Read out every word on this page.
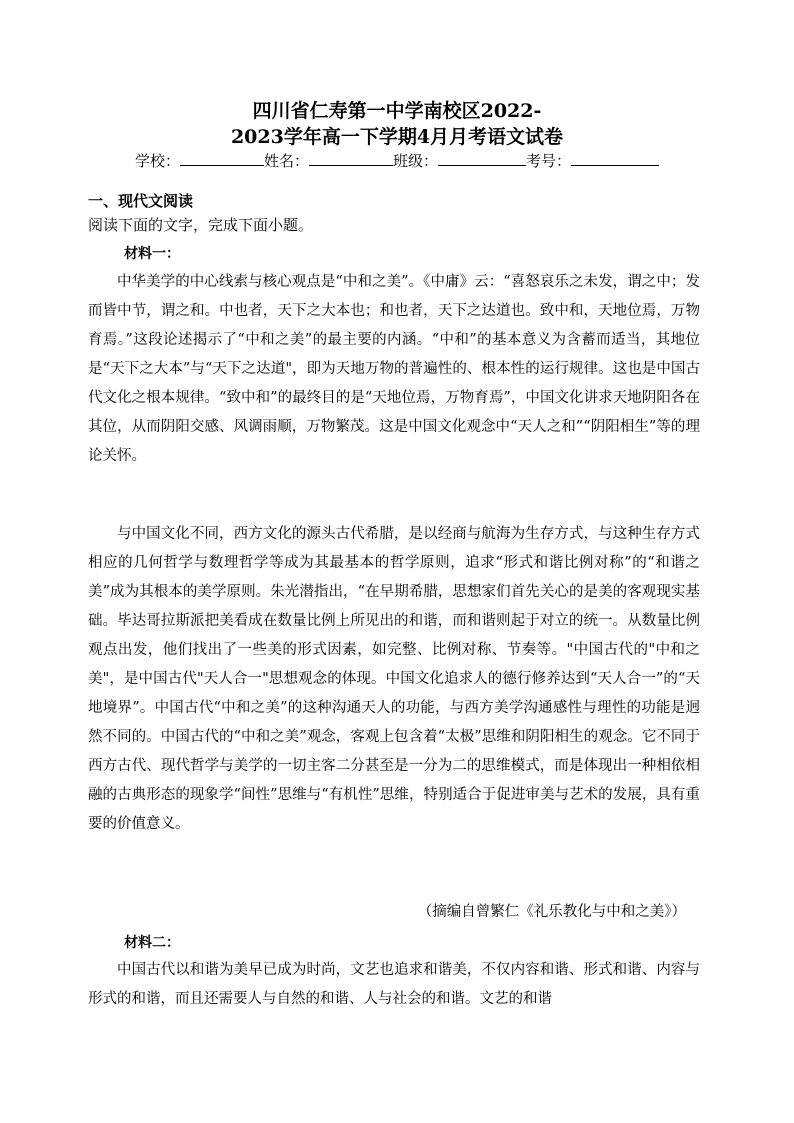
四川省仁寿第一中学南校区2022-
2023学年高一下学期4月月考语文试卷
学校：	姓名：	班级：	考号：
一、现代文阅读
阅读下面的文字，完成下面小题。
材料一：

中华美学的中心线索与核心观点是“中和之美”。《中庸》云：“喜怒哀乐之未发，谓之中；发而皆中节，谓之和。中也者，天下之大本也；和也者，天下之达道也。致中和，天地位焉，万物育焉。”这段论述揭示了“中和之美”的最主要的内涵。“中和”的基本意义为含蓄而适当，其地位是“天下之大本”与“天下之达道"，即为天地万物的普遍性的、根本性的运行规律。这也是中国古代文化之根本规律。“致中和”的最终目的是“天地位焉，万物育焉”，中国文化讲求天地阴阳各在其位，从而阴阳交感、风调雨顺，万物繁茂。这是中国文化观念中“天人之和”“阴阳相生”等的理论关怀。

与中国文化不同，西方文化的源头古代希腊，是以经商与航海为生存方式，与这种生存方式相应的几何哲学与数理哲学等成为其最基本的哲学原则，追求“形式和谐比例对称”的“和谐之美”成为其根本的美学原则。朱光潜指出，“在早期希腊，思想家们首先关心的是美的客观现实基础。毕达哥拉斯派把美看成在数量比例上所见出的和谐，而和谐则起于对立的统一。从数量比例观点出发，他们找出了一些美的形式因素，如完整、比例对称、节奏等。"中国古代的"中和之美"，是中国古代"天人合一"思想观念的体现。中国文化追求人的德行修养达到“天人合一”的“天地境界”。中国古代“中和之美”的这种沟通天人的功能，与西方美学沟通感性与理性的功能是迥然不同的。中国古代的“中和之美”观念，客观上包含着“太极”思维和阴阳相生的观念。它不同于西方古代、现代哲学与美学的一切主客二分甚至是一分为二的思维模式，而是体现出一种相依相融的古典形态的现象学“间性”思维与“有机性”思维，特别适合于促进审美与艺术的发展，具有重要的价值意义。

（摘编自曾繁仁《礼乐教化与中和之美》）
材料二：

中国古代以和谐为美早已成为时尚，文艺也追求和谐美，不仅内容和谐、形式和谐、内容与形式的和谐，而且还需要人与自然的和谐、人与社会的和谐。文艺的和谐
